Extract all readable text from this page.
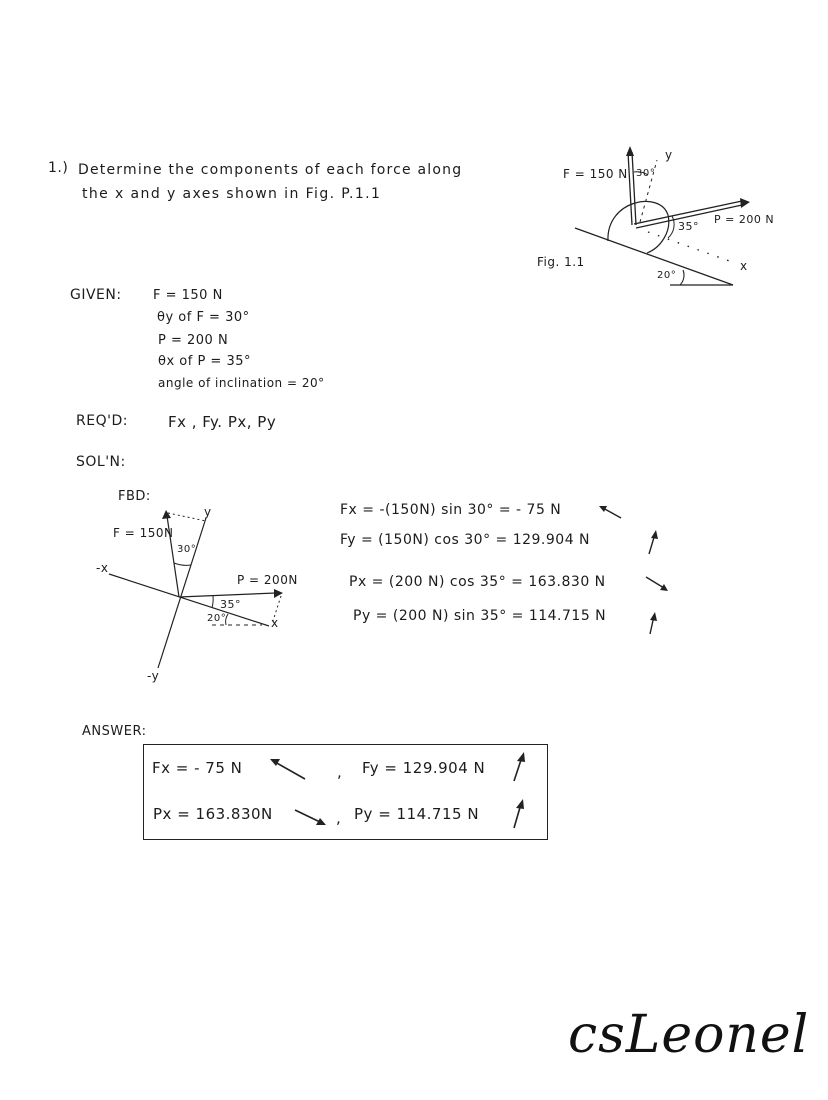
1.) Determine the components of each force along
the x and y axes shown in Fig. P.1.1
F = 150 N 30°
y
P = 200 N
35°
x
20°
Fig. 1.1
GIVEN: F = 150 N
θy of F = 30°
P = 200 N
θx of P = 35°
angle of inclination = 20°
REQ'D:	Fx , Fy. Px, Py
SOL'N:
FBD:
F = 150N
30°
y
-x
P = 200N
35°
20°	x
-y
Fx = -(150N) sin 30° = - 75 N
Fy = (150N) cos 30° = 129.904 N
Px = (200 N) cos 35° = 163.830 N
Py = (200 N) sin 35° = 114.715 N
ANSWER:
Fx = - 75 N	, Fy = 129.904 N
Px = 163.830N	, Py = 114.715 N
csLeonel
